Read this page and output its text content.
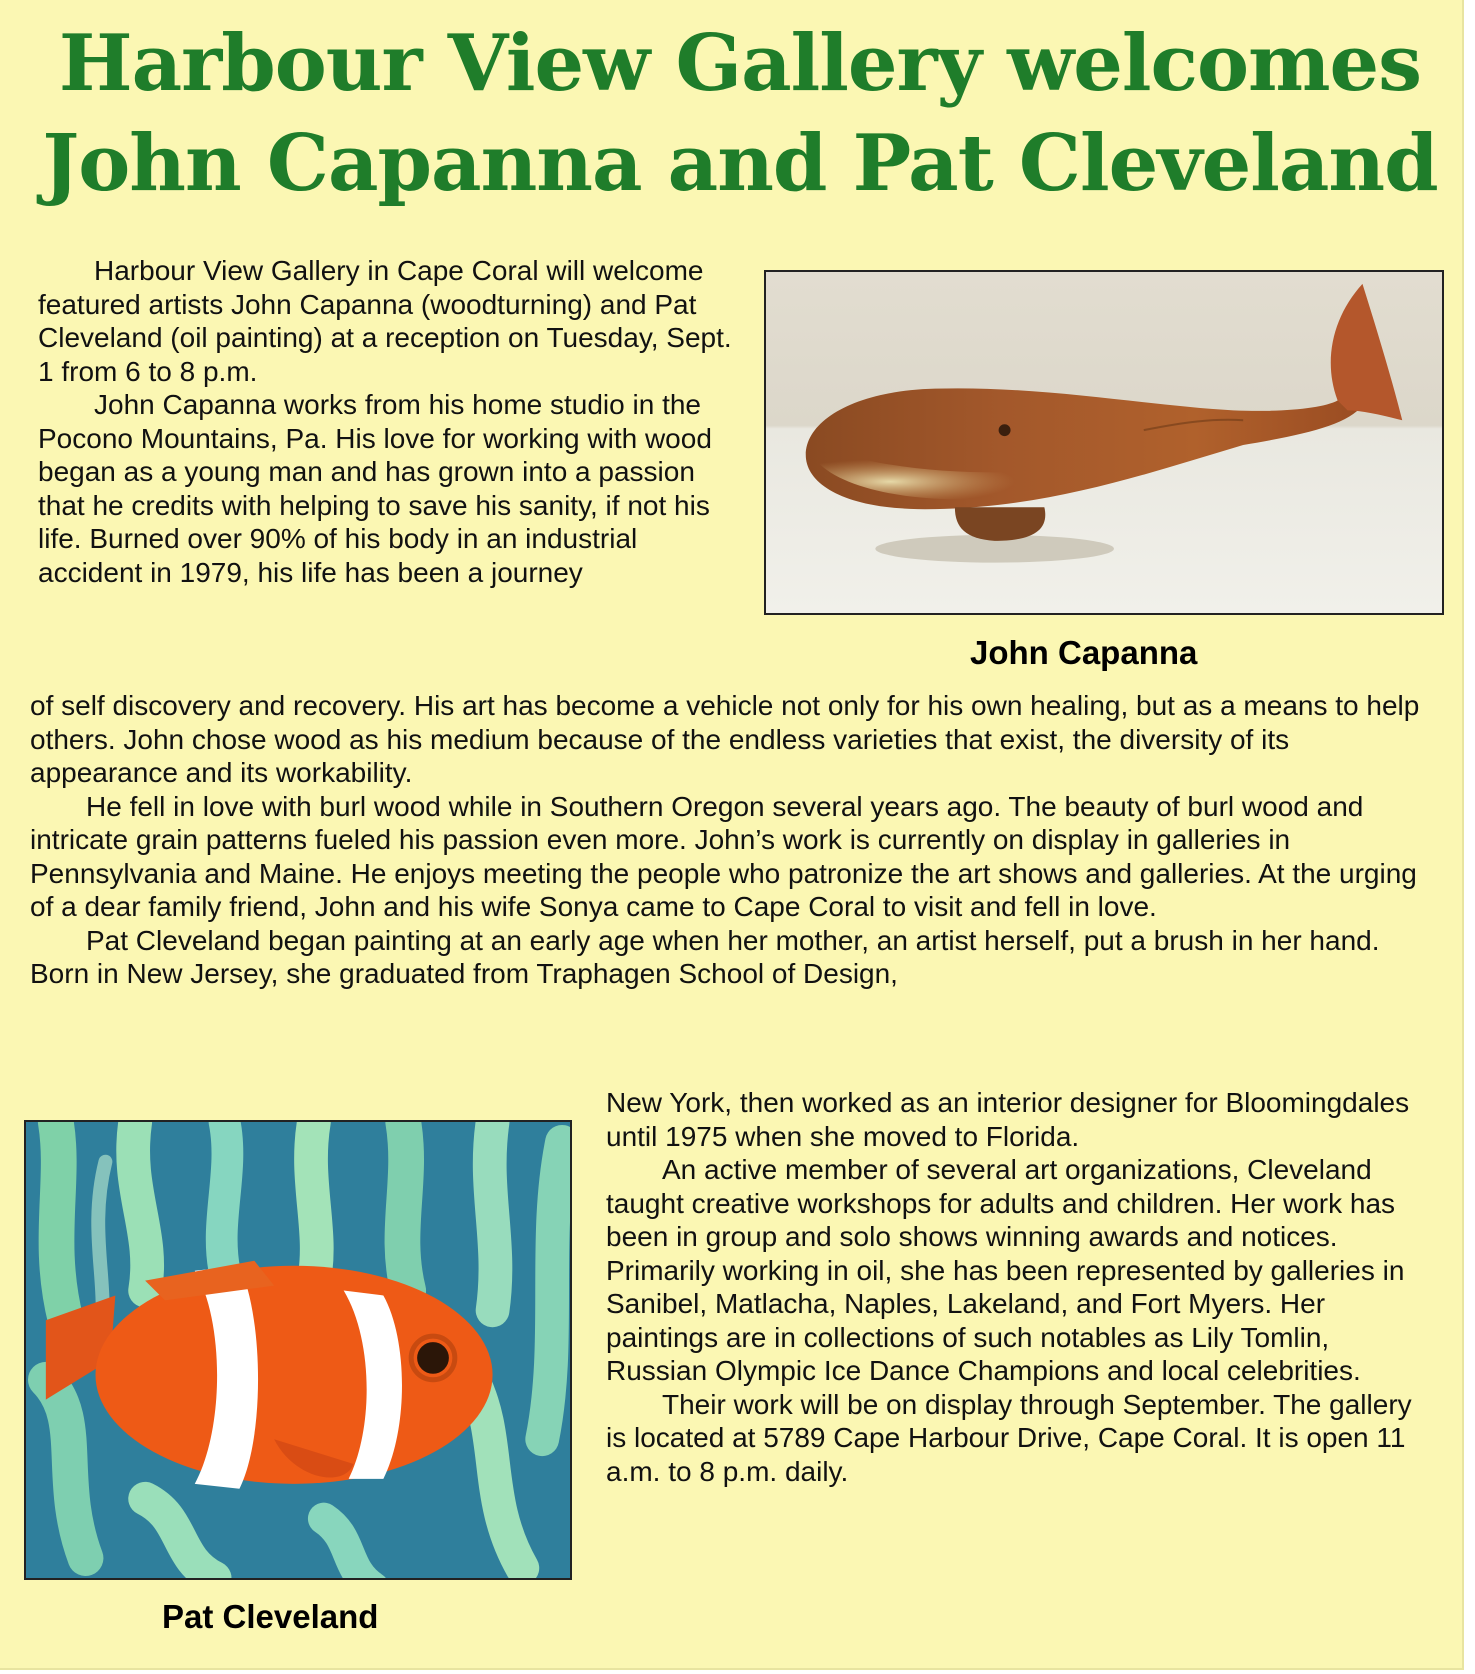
Harbour View Gallery welcomes
John Capanna and Pat Cleveland

Harbour View Gallery in Cape Coral will welcome featured artists John Capanna (woodturning) and Pat Cleveland (oil painting) at a reception on Tuesday, Sept. 1 from 6 to 8 p.m.

John Capanna works from his home studio in the Pocono Mountains, Pa. His love for working with wood began as a young man and has grown into a passion that he credits with helping to save his sanity, if not his life. Burned over 90% of his body in an industrial accident in 1979, his life has been a journey

John Capanna

of self discovery and recovery. His art has become a vehicle not only for his own healing, but as a means to help others. John chose wood as his medium because of the endless varieties that exist, the diversity of its appearance and its workability.

He fell in love with burl wood while in Southern Oregon several years ago. The beauty of burl wood and intricate grain patterns fueled his passion even more. John’s work is currently on display in galleries in Pennsylvania and Maine. He enjoys meeting the people who patronize the art shows and galleries. At the urging of a dear family friend, John and his wife Sonya came to Cape Coral to visit and fell in love.

Pat Cleveland began painting at an early age when her mother, an artist herself, put a brush in her hand. Born in New Jersey, she graduated from Traphagen School of Design,

Pat Cleveland

New York, then worked as an interior designer for Bloomingdales until 1975 when she moved to Florida.

An active member of several art organizations, Cleveland taught creative workshops for adults and children. Her work has been in group and solo shows winning awards and notices. Primarily working in oil, she has been represented by galleries in Sanibel, Matlacha, Naples, Lakeland, and Fort Myers. Her paintings are in collections of such notables as Lily Tomlin, Russian Olympic Ice Dance Champions and local celebrities.

Their work will be on display through September. The gallery is located at 5789 Cape Harbour Drive, Cape Coral. It is open 11 a.m. to 8 p.m. daily.
